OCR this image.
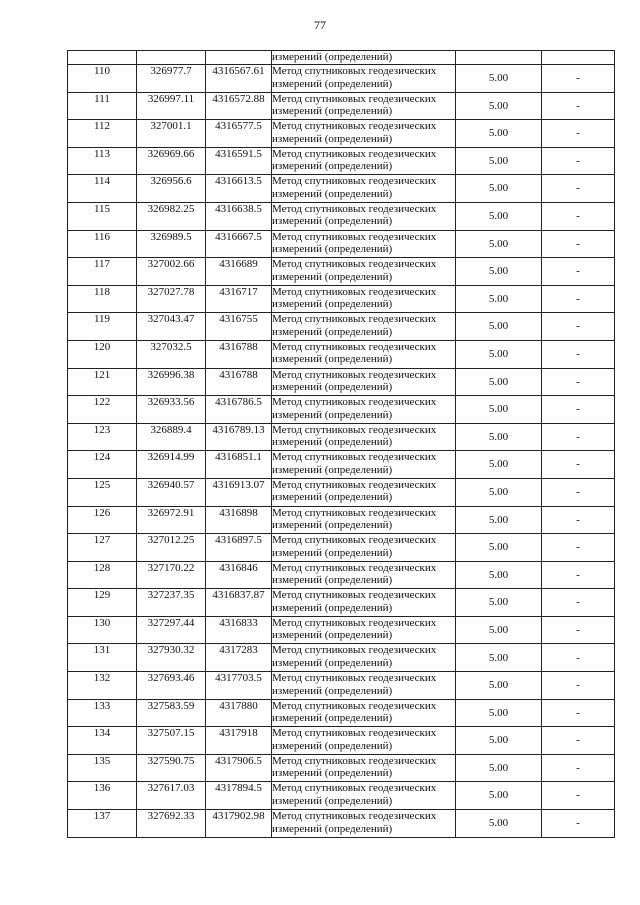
77

			измерений (определений)		

110	326977.7	4316567.61	Метод спутниковых геодезических
измерений (определений)	5.00	-
111	326997.11	4316572.88	Метод спутниковых геодезических
измерений (определений)	5.00	-
112	327001.1	4316577.5	Метод спутниковых геодезических
измерений (определений)	5.00	-
113	326969.66	4316591.5	Метод спутниковых геодезических
измерений (определений)	5.00	-
114	326956.6	4316613.5	Метод спутниковых геодезических
измерений (определений)	5.00	-
115	326982.25	4316638.5	Метод спутниковых геодезических
измерений (определений)	5.00	-
116	326989.5	4316667.5	Метод спутниковых геодезических
измерений (определений)	5.00	-
117	327002.66	4316689	Метод спутниковых геодезических
измерений (определений)	5.00	-
118	327027.78	4316717	Метод спутниковых геодезических
измерений (определений)	5.00	-
119	327043.47	4316755	Метод спутниковых геодезических
измерений (определений)	5.00	-
120	327032.5	4316788	Метод спутниковых геодезических
измерений (определений)	5.00	-
121	326996.38	4316788	Метод спутниковых геодезических
измерений (определений)	5.00	-
122	326933.56	4316786.5	Метод спутниковых геодезических
измерений (определений)	5.00	-
123	326889.4	4316789.13	Метод спутниковых геодезических
измерений (определений)	5.00	-
124	326914.99	4316851.1	Метод спутниковых геодезических
измерений (определений)	5.00	-
125	326940.57	4316913.07	Метод спутниковых геодезических
измерений (определений)	5.00	-
126	326972.91	4316898	Метод спутниковых геодезических
измерений (определений)	5.00	-
127	327012.25	4316897.5	Метод спутниковых геодезических
измерений (определений)	5.00	-
128	327170.22	4316846	Метод спутниковых геодезических
измерений (определений)	5.00	-
129	327237.35	4316837.87	Метод спутниковых геодезических
измерений (определений)	5.00	-
130	327297.44	4316833	Метод спутниковых геодезических
измерений (определений)	5.00	-
131	327930.32	4317283	Метод спутниковых геодезических
измерений (определений)	5.00	-
132	327693.46	4317703.5	Метод спутниковых геодезических
измерений (определений)	5.00	-
133	327583.59	4317880	Метод спутниковых геодезических
измерений (определений)	5.00	-
134	327507.15	4317918	Метод спутниковых геодезических
измерений (определений)	5.00	-
135	327590.75	4317906.5	Метод спутниковых геодезических
измерений (определений)	5.00	-
136	327617.03	4317894.5	Метод спутниковых геодезических
измерений (определений)	5.00	-
137	327692.33	4317902.98	Метод спутниковых геодезических
измерений (определений)	5.00	-
